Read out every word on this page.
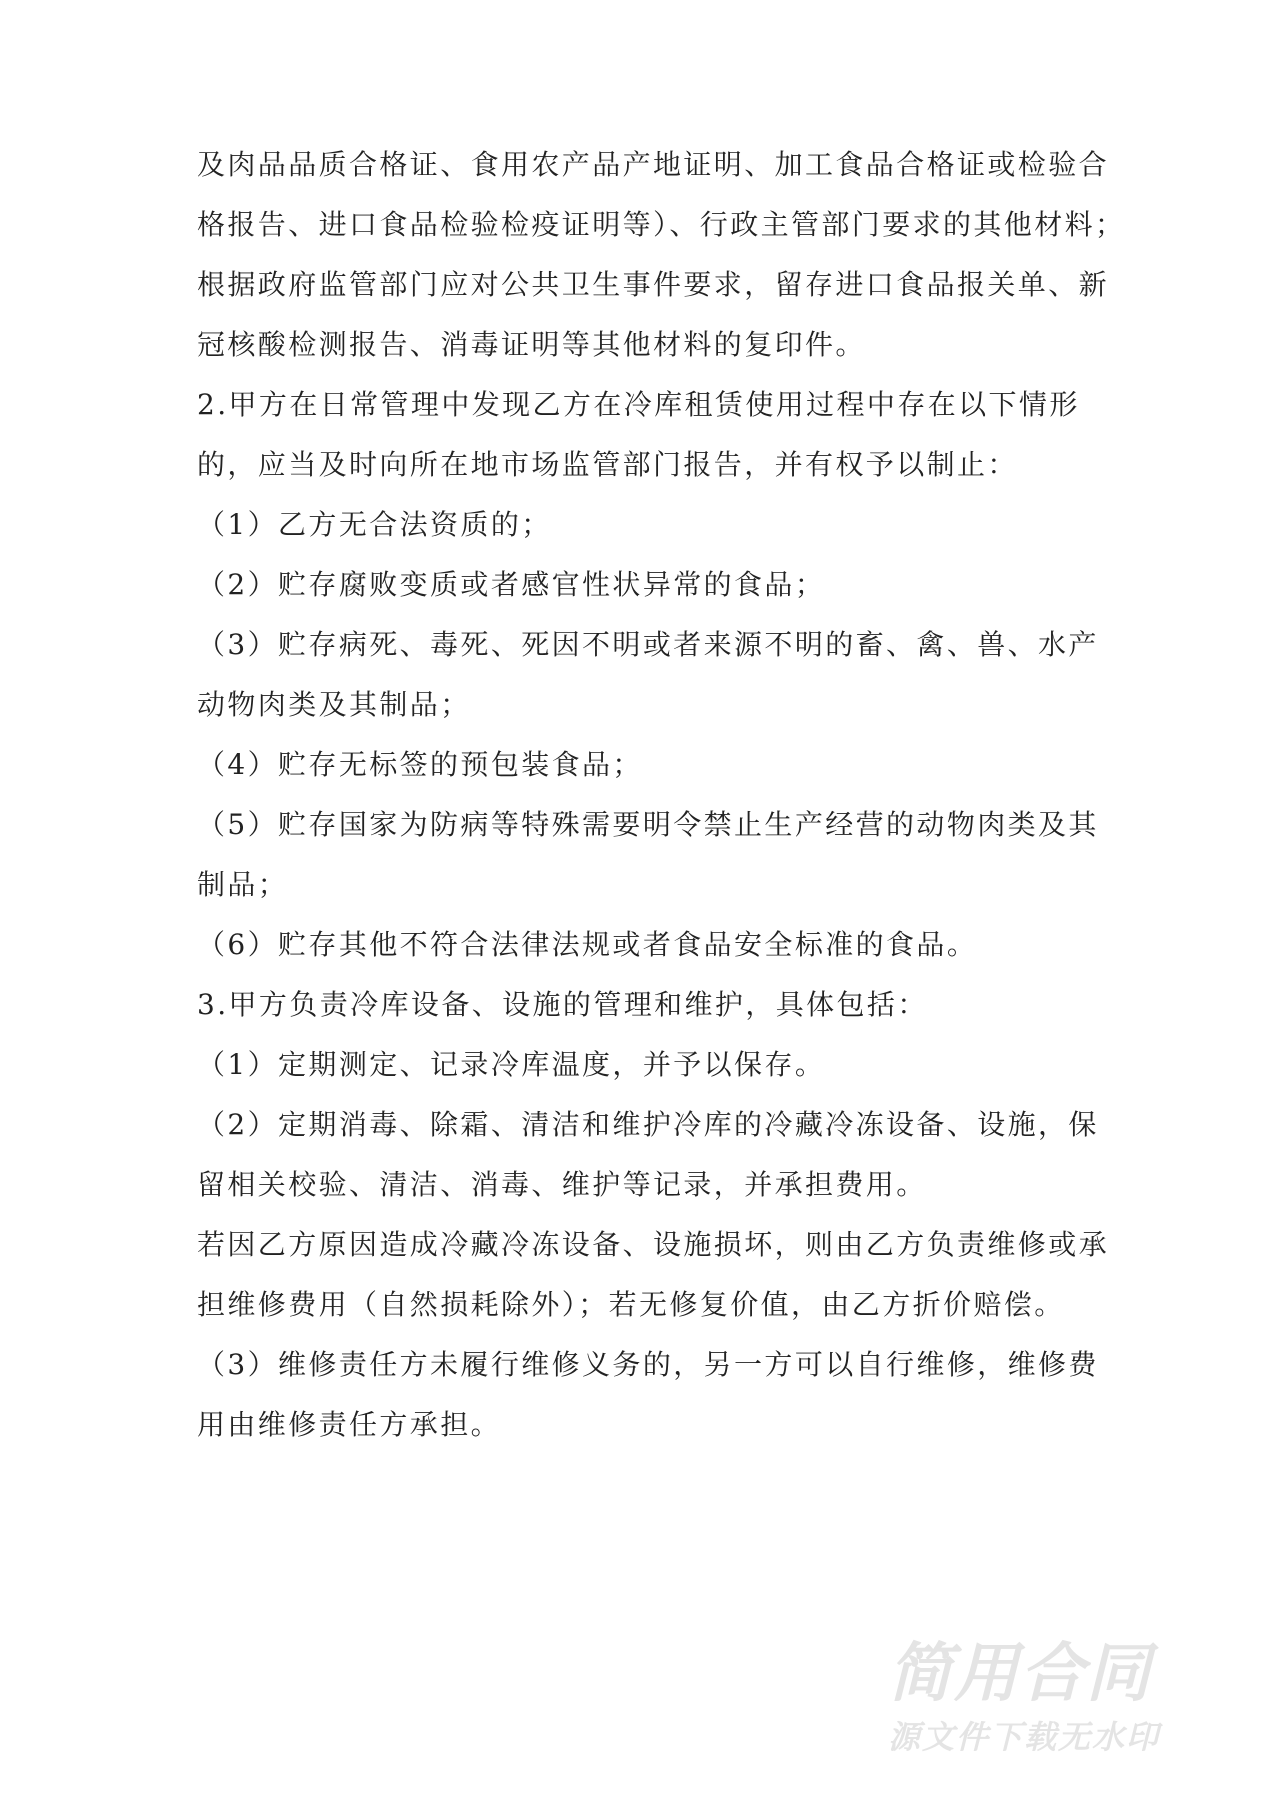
及肉品品质合格证、食用农产品产地证明、加工食品合格证或检验合
格报告、进口食品检验检疫证明等）、行政主管部门要求的其他材料；
根据政府监管部门应对公共卫生事件要求，留存进口食品报关单、新
冠核酸检测报告、消毒证明等其他材料的复印件。
2.甲方在日常管理中发现乙方在冷库租赁使用过程中存在以下情形
的，应当及时向所在地市场监管部门报告，并有权予以制止：
（1）乙方无合法资质的；
（2）贮存腐败变质或者感官性状异常的食品；
（3）贮存病死、毒死、死因不明或者来源不明的畜、禽、兽、水产
动物肉类及其制品；
（4）贮存无标签的预包装食品；
（5）贮存国家为防病等特殊需要明令禁止生产经营的动物肉类及其
制品；
（6）贮存其他不符合法律法规或者食品安全标准的食品。
3.甲方负责冷库设备、设施的管理和维护，具体包括：
（1）定期测定、记录冷库温度，并予以保存。
（2）定期消毒、除霜、清洁和维护冷库的冷藏冷冻设备、设施，保
留相关校验、清洁、消毒、维护等记录，并承担费用。
若因乙方原因造成冷藏冷冻设备、设施损坏，则由乙方负责维修或承
担维修费用（自然损耗除外）；若无修复价值，由乙方折价赔偿。
（3）维修责任方未履行维修义务的，另一方可以自行维修，维修费
用由维修责任方承担。
简用合同
源文件下载无水印
